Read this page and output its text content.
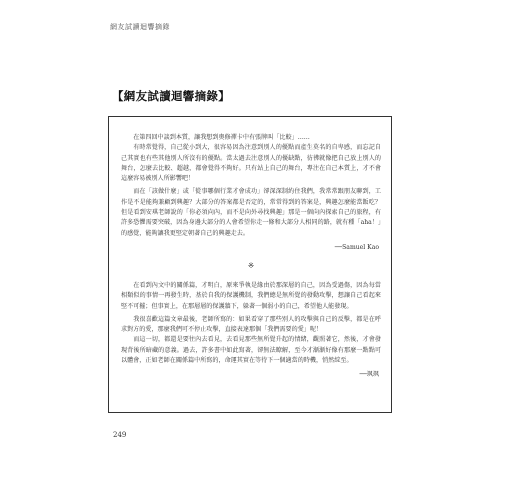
網友試讀迴響摘錄
【網友試讀迴響摘錄】

在第四回中談到本質，讓我想到奧修禪卡中有張牌叫「比較」……

有時常覺得，自己從小到大，很容易因為注意到別人的優點而產生莫名的自卑感，而忘記自己其實也有些其他別人所沒有的優點。當太過去注意別人的優缺點，彷彿就像把自己放上別人的舞台，怎麼去比較、超越，都會覺得不夠好。只有站上自己的舞台，專注在自己本質上，才不會這麼容易被別人所影響吧！

而在「該做什麼」或「從事哪個行業才會成功」卻深深制約住我們，我常常跟朋友聊到，工作是不是能夠兼顧到興趣？大部分的答案都是否定的，常常得到的答案是，興趣怎麼能當飯吃？但是看到安琪老師說的「你必須向內，而不是向外尋找興趣」那是一個向內探索自己的旅程，有許多恐懼需要突破，因為身邊大部分的人會希望你走一條和大部分人相同的路，就有種「aha！」的感覺，能夠讓我更堅定朝著自己的興趣走去。

──Samuel Kao

※

在看到內文中的關係篇，才明白，原來爭執是緣由於那深層的自己，因為受過傷，因為每當相類似的事情一再發生時，基於自我的保護機制，我們總是無所覺的發動攻擊，想讓自己看起來堅不可摧；但事實上，在那層層的保護牆下，躲著一個弱小的自己，希望他人能發現。

我很喜歡這篇文章最後，老師所寫的：如果看穿了那些別人的攻擊與自己的反擊，都是在呼求對方的愛，那麼我們可不停止攻擊，直接表達那個「我們需要的愛」呢！

而這一切，都還是要往內去看見，去看見那些無所覺升起的情緒，觀照著它，然後，才會發現背後所暗藏的意義。過去，許多書中如此寫著，卻無法瞭解，至今才漸漸好像有那麼一點點可以體會，正如老師在關係篇中所寫的，命運其實在等待下一個適當的時機，悄然綻至。

──飒飒

249
